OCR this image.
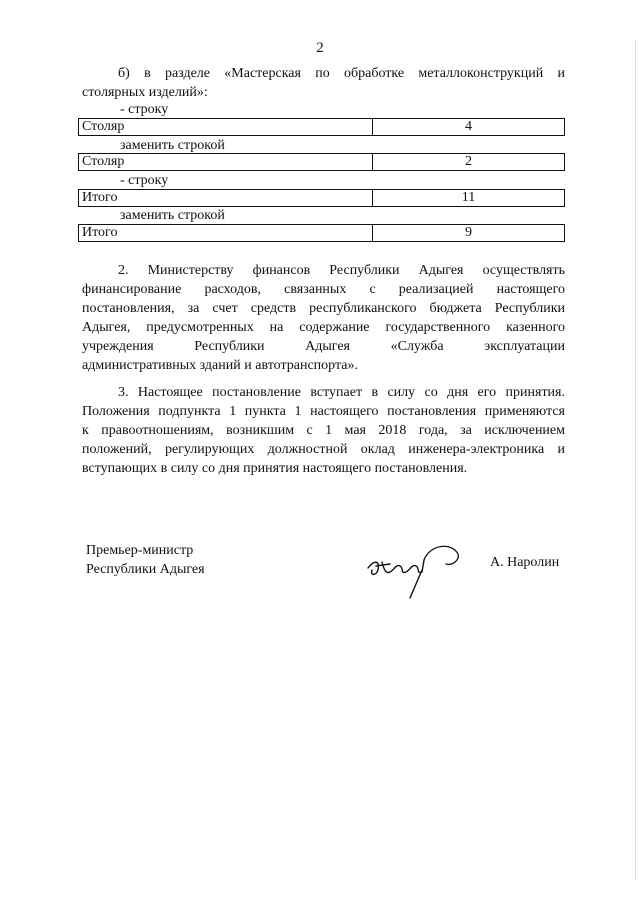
2
б) в разделе «Мастерская по обработке металлоконструкций и
столярных изделий»:
- строку
Столяр	4
заменить строкой
Столяр	2
- строку
Итого	11
заменить строкой
Итого	9
2. Министерству финансов Республики Адыгея осуществлять
финансирование расходов, связанных с реализацией настоящего
постановления, за счет средств республиканского бюджета Республики
Адыгея, предусмотренных на содержание государственного казенного
учреждения Республики Адыгея «Служба эксплуатации
административных зданий и автотранспорта».
3. Настоящее постановление вступает в силу со дня его принятия.
Положения подпункта 1 пункта 1 настоящего постановления применяются
к правоотношениям, возникшим с 1 мая 2018 года, за исключением
положений, регулирующих должностной оклад инженера-электроника и
вступающих в силу со дня принятия настоящего постановления.
Премьер-министр
Республики Адыгея	А. Наролин
